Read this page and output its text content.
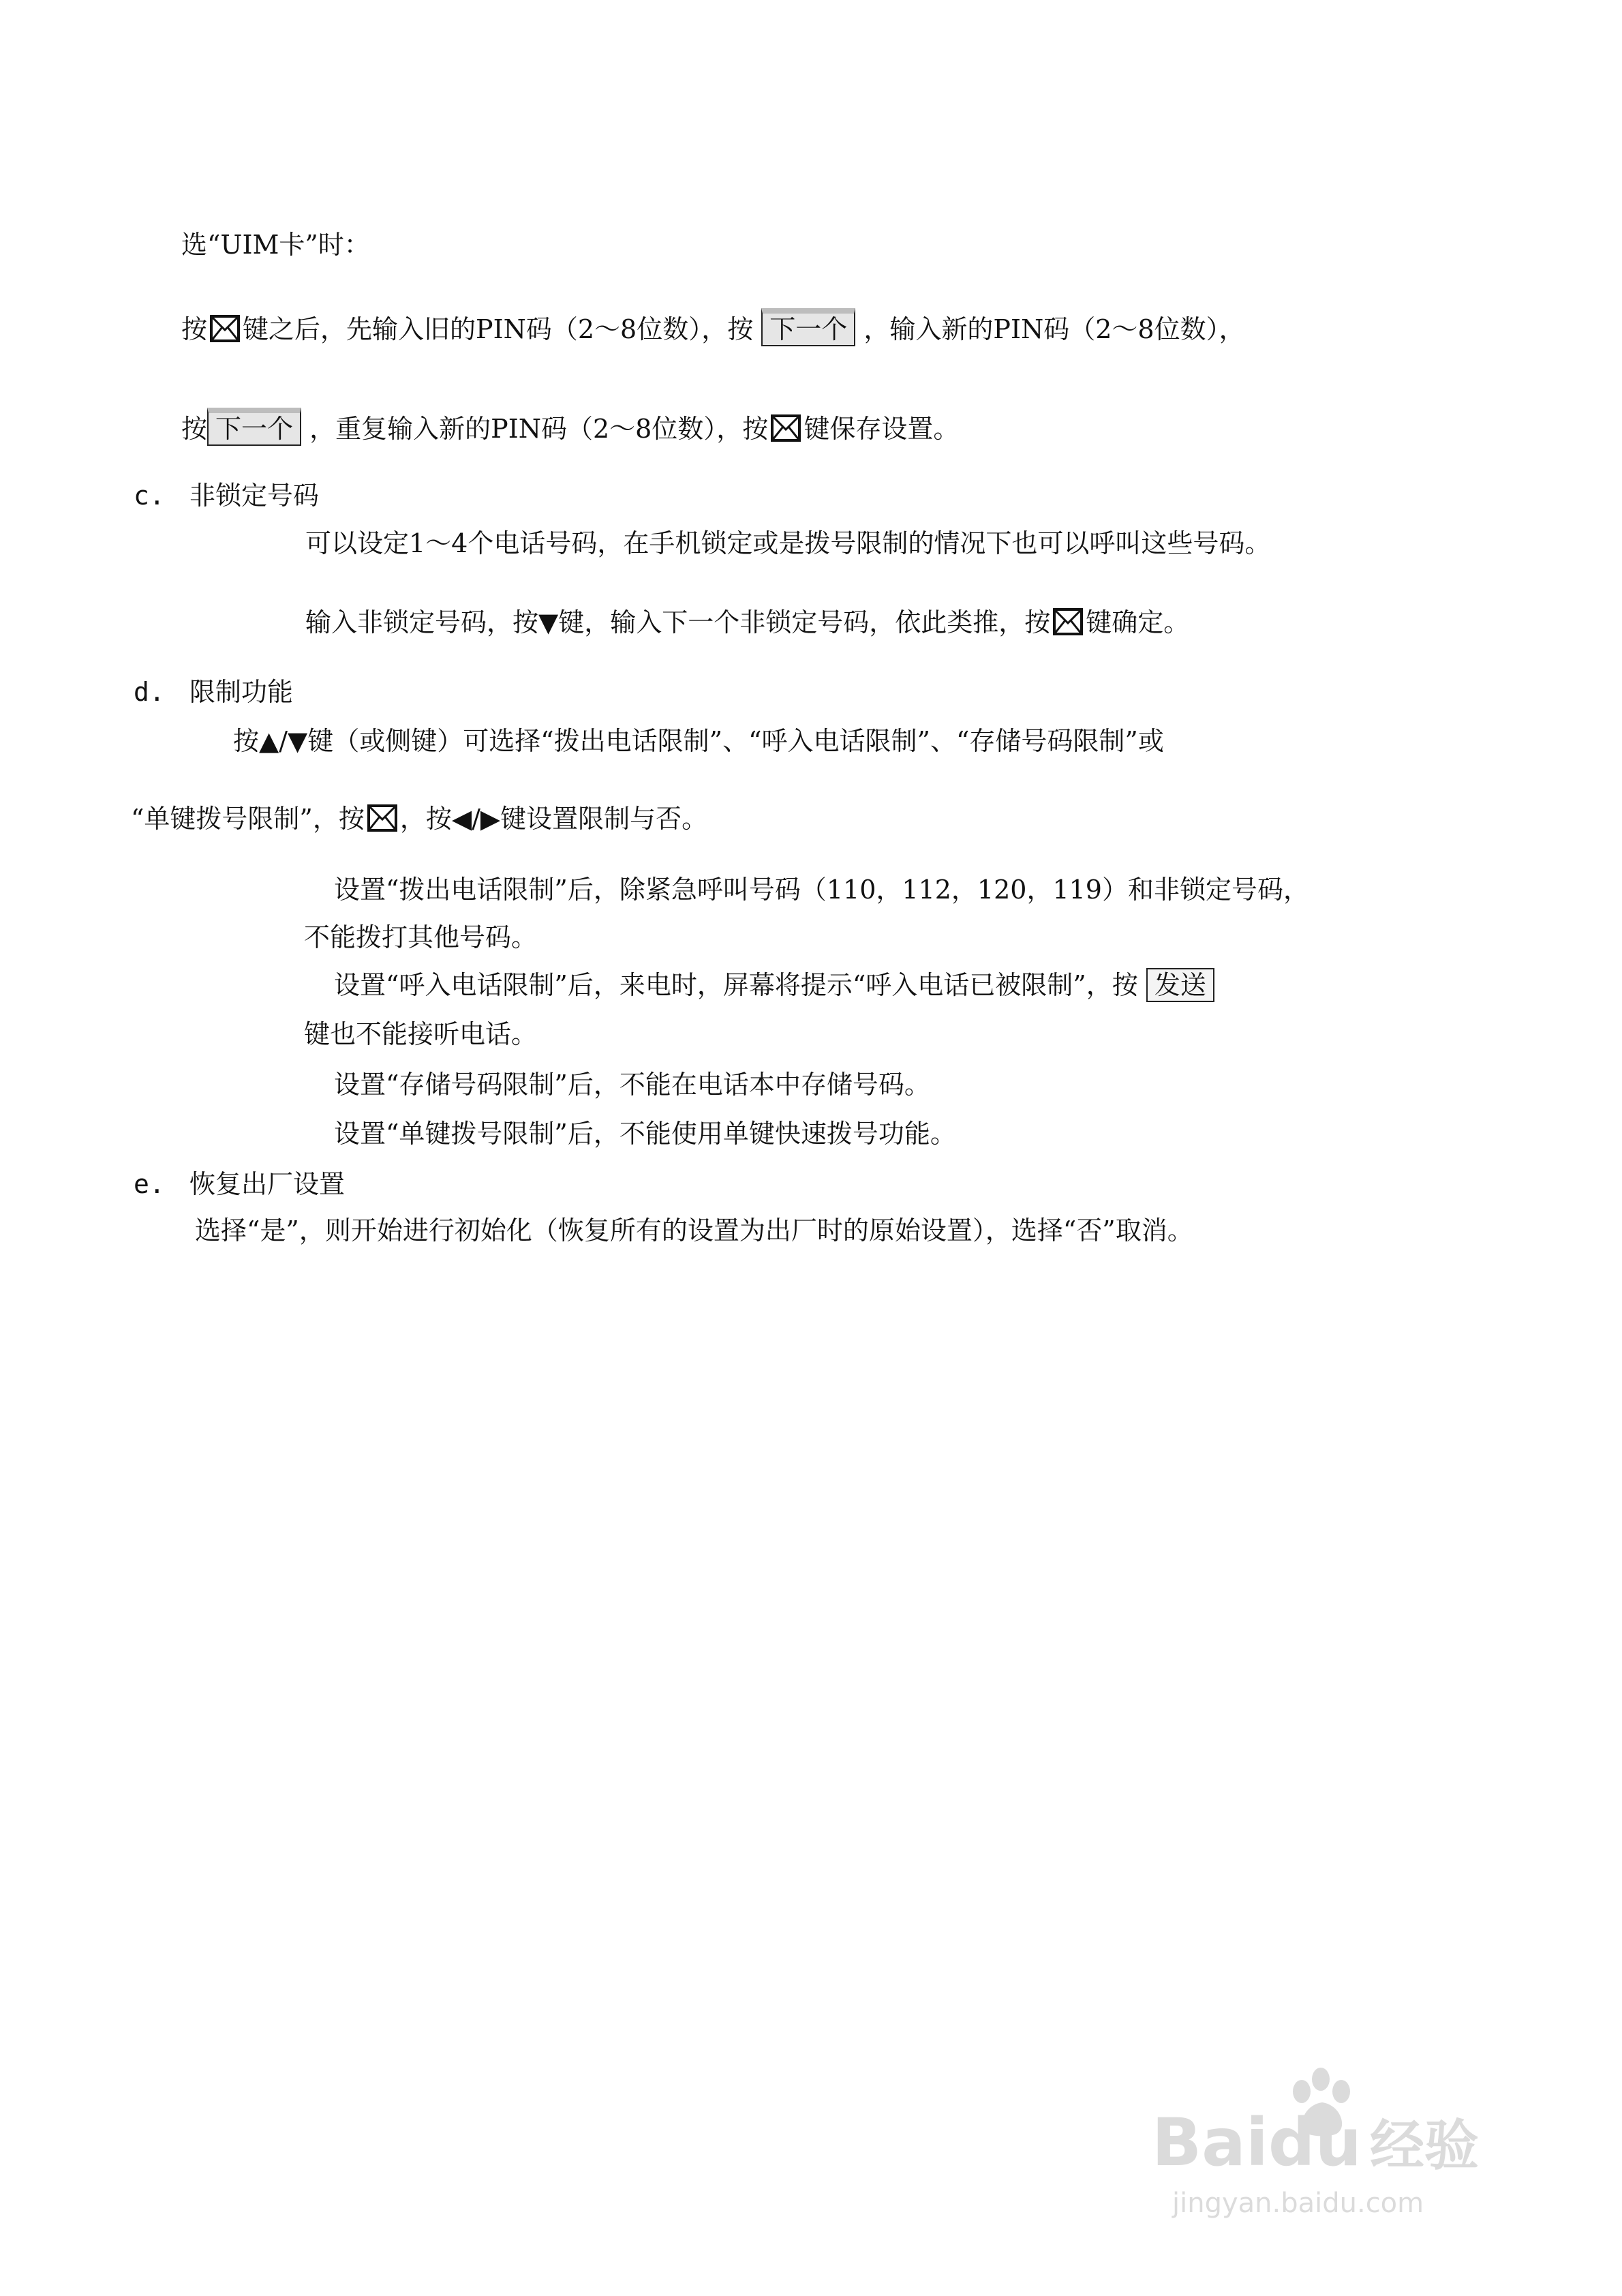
选“UIM卡”时：
按 键之后，先输入旧的PIN码（2～8位数），按 下一个 ，输入新的PIN码（2～8位数），
按 下一个 ，重复输入新的PIN码（2～8位数），按 键保存设置。
c. 非锁定号码
可以设定1～4个电话号码，在手机锁定或是拨号限制的情况下也可以呼叫这些号码。
输入非锁定号码，按▼键，输入下一个非锁定号码，依此类推，按 键确定。
d. 限制功能
按▲/▼键（或侧键）可选择“拨出电话限制”、“呼入电话限制”、“存储号码限制”或
“单键拨号限制”，按 ，按◀/▶键设置限制与否。
设置“拨出电话限制”后，除紧急呼叫号码（110，112，120，119）和非锁定号码，
不能拨打其他号码。
设置“呼入电话限制”后，来电时，屏幕将提示“呼入电话已被限制”，按 发送
键也不能接听电话。
设置“存储号码限制”后，不能在电话本中存储号码。
设置“单键拨号限制”后，不能使用单键快速拨号功能。
e. 恢复出厂设置
选择“是”，则开始进行初始化（恢复所有的设置为出厂时的原始设置），选择“否”取消。
Baidu 经验
jingyan.baidu.com
